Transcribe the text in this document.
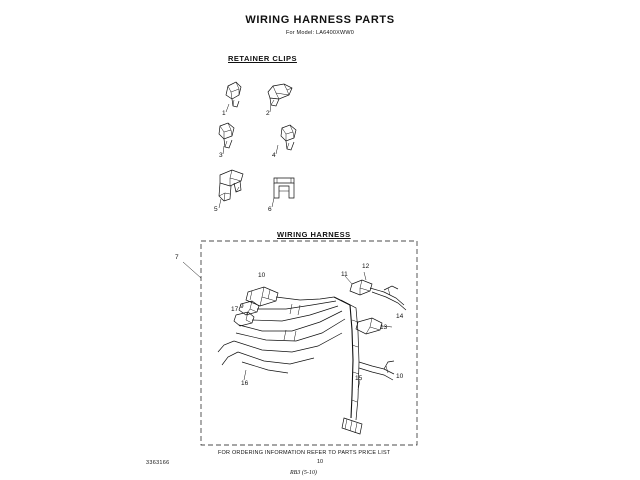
WIRING HARNESS PARTS
For Model: LA6400XWW0
RETAINER CLIPS
WIRING HARNESS
1	2
3	4
5	6
7
9
10
10
11
12
13
14
15
16
17
FOR ORDERING INFORMATION REFER TO PARTS PRICE LIST
3363166	10
RB3 (5-10)
